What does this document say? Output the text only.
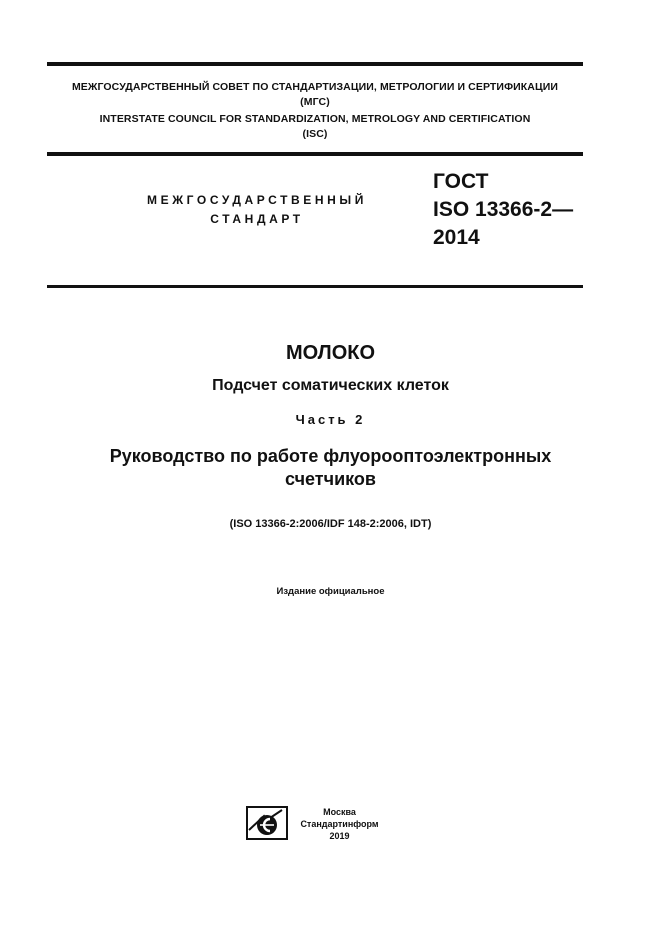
МЕЖГОСУДАРСТВЕННЫЙ СОВЕТ ПО СТАНДАРТИЗАЦИИ, МЕТРОЛОГИИ И СЕРТИФИКАЦИИ
(МГС)
INTERSTATE COUNCIL FOR STANDARDIZATION, METROLOGY AND CERTIFICATION
(ISC)
МЕЖГОСУДАРСТВЕННЫЙ
СТАНДАРТ
ГОСТ
ISO 13366-2—
2014
МОЛОКО
Подсчет соматических клеток
Часть 2
Руководство по работе флуорооптоэлектронных
счетчиков
(ISO 13366-2:2006/IDF 148-2:2006, IDT)
Издание официальное
Москва
Стандартинформ
2019
